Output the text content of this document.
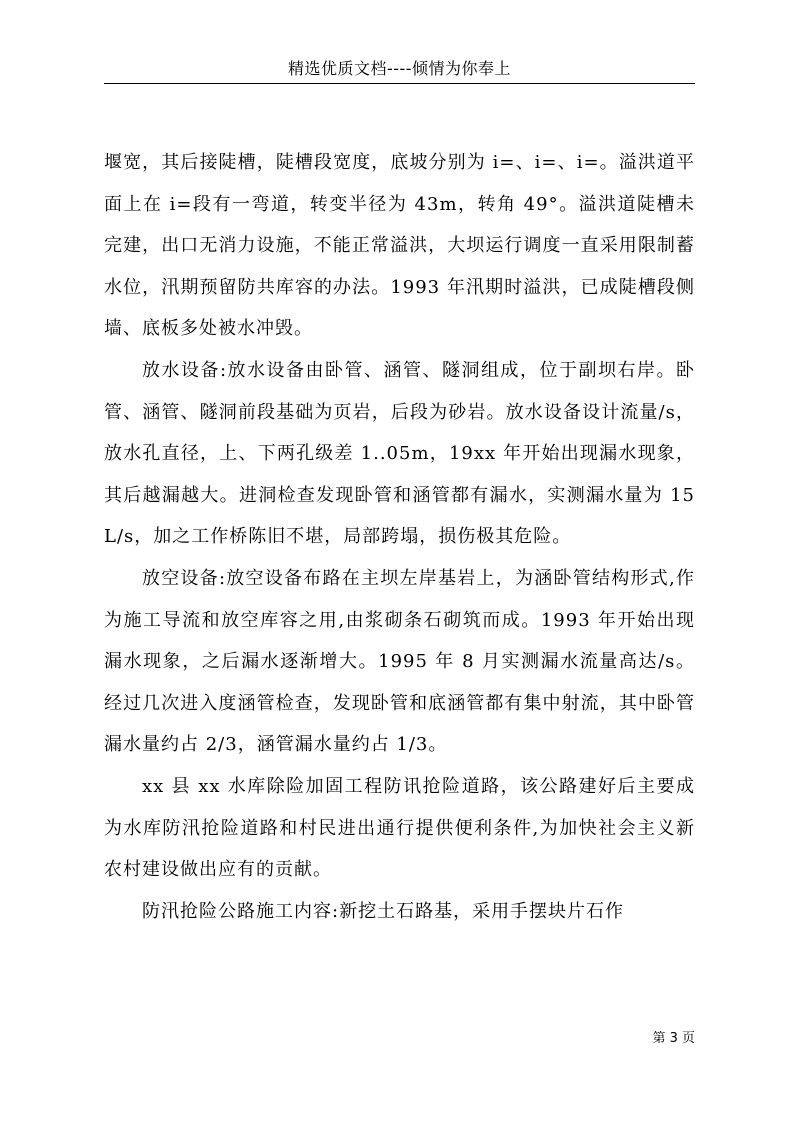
精选优质文档----倾情为你奉上

堰宽，其后接陡槽，陡槽段宽度，底坡分别为 i=、i=、i=。溢洪道平面上在 i=段有一弯道，转变半径为 43m，转角 49°。溢洪道陡槽未完建，出口无消力设施，不能正常溢洪，大坝运行调度一直采用限制蓄水位，汛期预留防共库容的办法。1993 年汛期时溢洪，已成陡槽段侧墙、底板多处被水冲毁。

放水设备:放水设备由卧管、涵管、隧洞组成，位于副坝右岸。卧管、涵管、隧洞前段基础为页岩，后段为砂岩。放水设备设计流量/s，放水孔直径，上、下两孔级差 1..05m，19xx 年开始出现漏水现象，其后越漏越大。进洞检查发现卧管和涵管都有漏水，实测漏水量为 15L/s，加之工作桥陈旧不堪，局部跨塌，损伤极其危险。

放空设备:放空设备布路在主坝左岸基岩上，为涵卧管结构形式,作为施工导流和放空库容之用,由浆砌条石砌筑而成。1993 年开始出现漏水现象，之后漏水逐渐增大。1995 年 8 月实测漏水流量高达/s。经过几次进入度涵管检查，发现卧管和底涵管都有集中射流，其中卧管漏水量约占 2/3，涵管漏水量约占 1/3。

xx 县 xx 水库除险加固工程防讯抢险道路，该公路建好后主要成为水库防汛抢险道路和村民进出通行提供便利条件,为加快社会主义新农村建设做出应有的贡献。

防汛抢险公路施工内容:新挖土石路基，采用手摆块片石作

第 3 页
